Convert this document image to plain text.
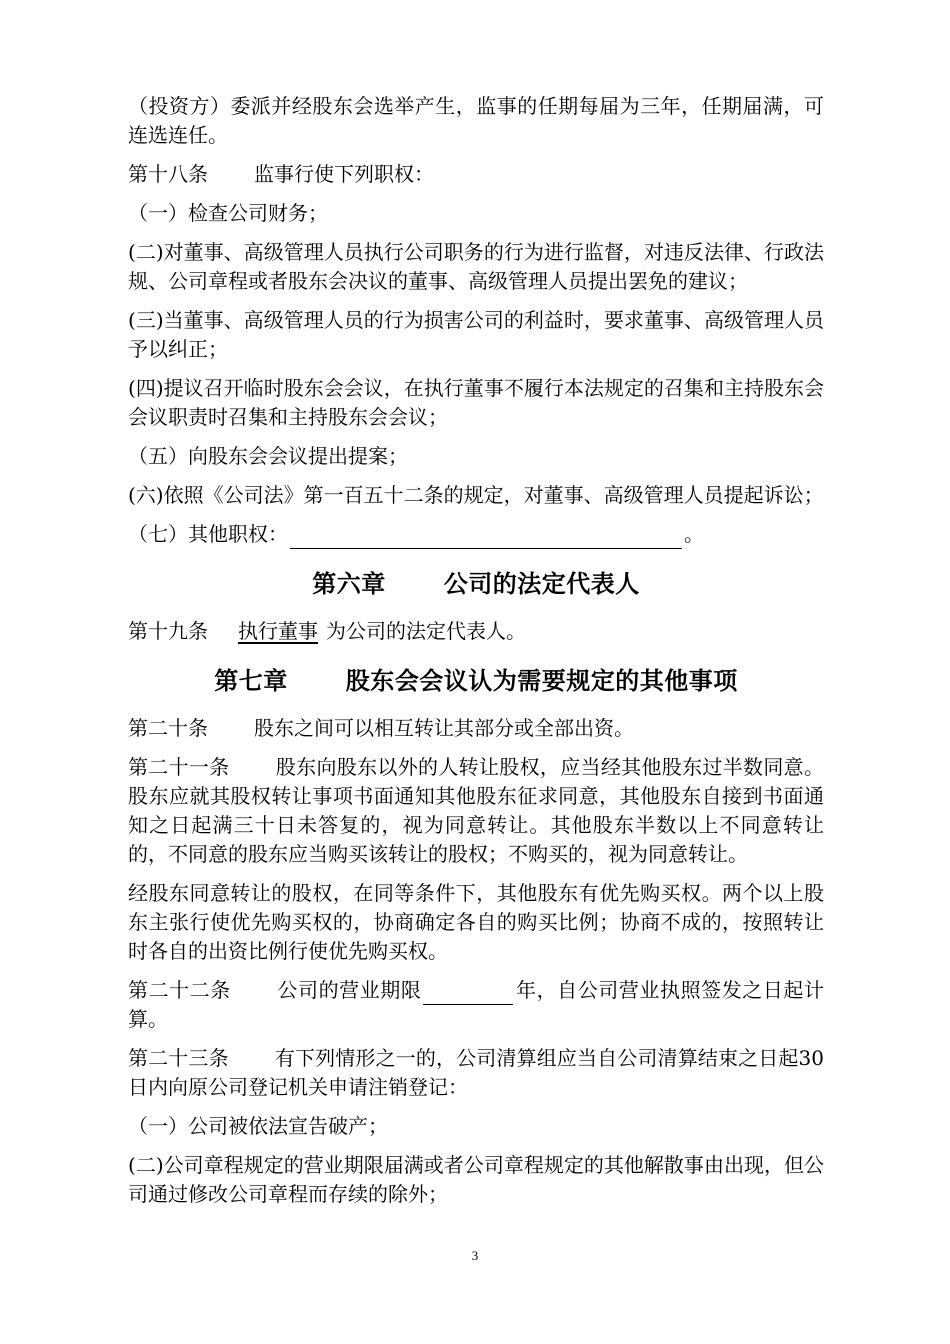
（投资方）委派并经股东会选举产生，监事的任期每届为三年，任期届满，可连选连任。

第十八条 监事行使下列职权：

（一）检查公司财务；

(二)对董事、高级管理人员执行公司职务的行为进行监督，对违反法律、行政法规、公司章程或者股东会决议的董事、高级管理人员提出罢免的建议；

(三)当董事、高级管理人员的行为损害公司的利益时，要求董事、高级管理人员予以纠正；

(四)提议召开临时股东会会议，在执行董事不履行本法规定的召集和主持股东会会议职责时召集和主持股东会会议；

（五）向股东会会议提出提案；

(六)依照《公司法》第一百五十二条的规定，对董事、高级管理人员提起诉讼；

（七）其他职权：	。

第六章 公司的法定代表人

第十九条 执行董事 为公司的法定代表人。

第七章 股东会会议认为需要规定的其他事项

第二十条 股东之间可以相互转让其部分或全部出资。

第二十一条 股东向股东以外的人转让股权，应当经其他股东过半数同意。股东应就其股权转让事项书面通知其他股东征求同意，其他股东自接到书面通知之日起满三十日未答复的，视为同意转让。其他股东半数以上不同意转让的，不同意的股东应当购买该转让的股权；不购买的，视为同意转让。

经股东同意转让的股权，在同等条件下，其他股东有优先购买权。两个以上股东主张行使优先购买权的，协商确定各自的购买比例；协商不成的，按照转让时各自的出资比例行使优先购买权。

第二十二条 公司的营业期限	年，自公司营业执照签发之日起计算。

第二十三条 有下列情形之一的，公司清算组应当自公司清算结束之日起30日内向原公司登记机关申请注销登记：

（一）公司被依法宣告破产；

(二)公司章程规定的营业期限届满或者公司章程规定的其他解散事由出现，但公司通过修改公司章程而存续的除外；

3
